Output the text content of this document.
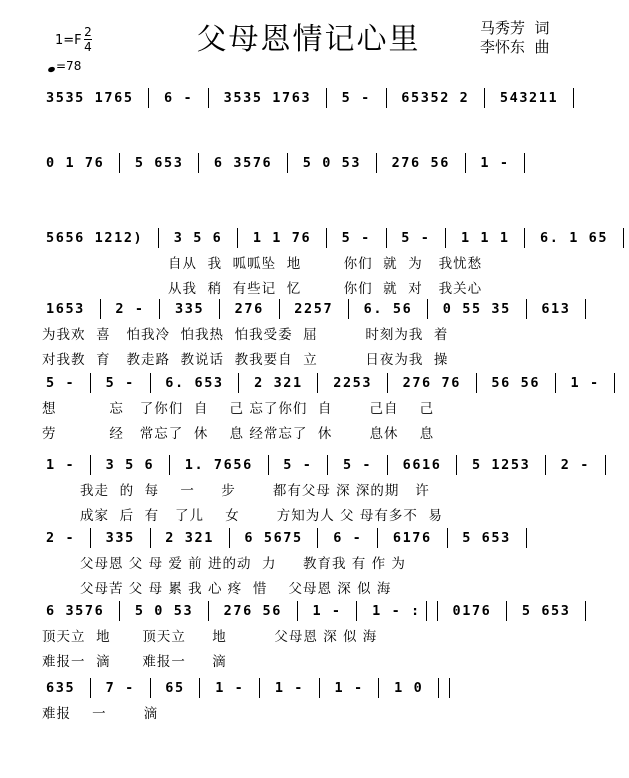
父母恩情记心里
1=F
2
4
=78
马秀芳  词
李怀东  曲
3535 1765  6 -  3535 1763  5 -  65352 2  543211
0 1 76  5 653  6 3576  5 0 53  276 56  1 -
5656 1212)  3 5 6  1 1 76  5 -  5 -  1 1 1  6. 1 65
自从  我  呱呱坠  地        你们  就  为   我忧愁
从我  稍  有些记  忆        你们  就  对   我关心
1653  2 -  335  276  2257  6. 56  0 55 35  613
为我欢  喜   怕我冷  怕我热  怕我受委  屈         时刻为我  着
对我教  育   教走路  教说话  教我要自  立         日夜为我  操
5 -  5 -  6. 653  2 321  2253  276 76  56 56  1 -
想          忘   了你们  自    己 忘了你们  自       己自    己
劳          经   常忘了  休    息 经常忘了  休       息休    息
1 -  3 5 6  1. 7656  5 -  5 -  6616  5 1253  2 -
我走  的  每    一     步       都有父母 深 深的期   许
成家  后  有   了儿    女       方知为人 父 母有多不  易
2 -  335  2 321  6 5675  6 -  6176  5 653
父母恩 父 母 爱 前 进的动  力     教育我 有 作 为
父母苦 父 母 累 我 心 疼  惜    父母恩 深 似 海
6 3576  5 0 53  276 56  1 -  1 - : 0176  5 653
顶天立  地      顶天立     地         父母恩 深 似 海
难报一  滴      难报一     滴
635  7 -  65  1 -  1 -  1 -  1 0
难报    一       滴
